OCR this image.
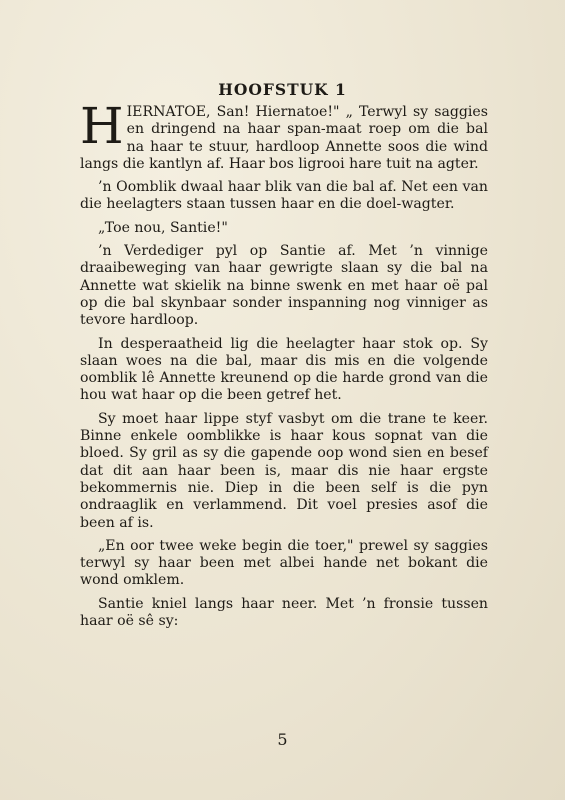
HOOFSTUK 1

HIERNATOE, San! Hiernatoe!" „ Terwyl sy saggies en dringend na haar span-maat roep om die bal na haar te stuur, hardloop Annette soos die wind langs die kantlyn af. Haar bos ligrooi hare tuit na agter.

’n Oomblik dwaal haar blik van die bal af. Net een van die heelagters staan tussen haar en die doel-wagter.

„Toe nou, Santie!"

’n Verdediger pyl op Santie af. Met ’n vinnige draaibeweging van haar gewrigte slaan sy die bal na Annette wat skielik na binne swenk en met haar oë pal op die bal skynbaar sonder inspanning nog vinniger as tevore hardloop.

In desperaatheid lig die heelagter haar stok op. Sy slaan woes na die bal, maar dis mis en die volgende oomblik lê Annette kreunend op die harde grond van die hou wat haar op die been getref het.

Sy moet haar lippe styf vasbyt om die trane te keer. Binne enkele oomblikke is haar kous sopnat van die bloed. Sy gril as sy die gapende oop wond sien en besef dat dit aan haar been is, maar dis nie haar ergste bekommernis nie. Diep in die been self is die pyn ondraaglik en verlammend. Dit voel presies asof die been af is.

„En oor twee weke begin die toer," prewel sy saggies terwyl sy haar been met albei hande net bokant die wond omklem.

Santie kniel langs haar neer. Met ’n fronsie tussen haar oë sê sy:

5
